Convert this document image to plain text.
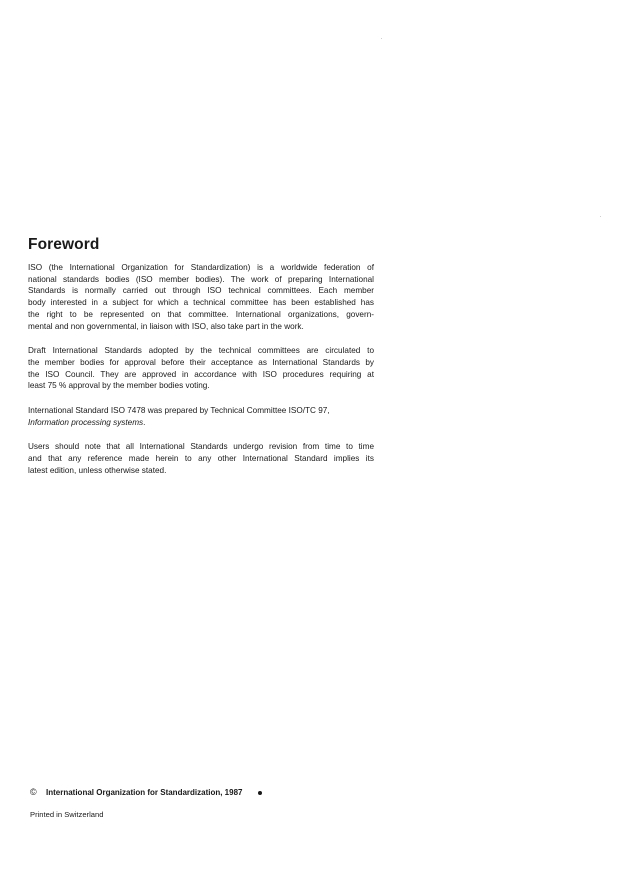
Foreword

ISO (the International Organization for Standardization) is a worldwide federation of
national standards bodies (ISO member bodies). The work of preparing International
Standards is normally carried out through ISO technical committees. Each member
body interested in a subject for which a technical committee has been established has
the right to be represented on that committee. International organizations, govern-
mental and non governmental, in liaison with ISO, also take part in the work.

Draft International Standards adopted by the technical committees are circulated to
the member bodies for approval before their acceptance as International Standards by
the ISO Council. They are approved in accordance with ISO procedures requiring at
least 75 % approval by the member bodies voting.

International Standard ISO 7478 was prepared by Technical Committee ISO/TC 97,
Information processing systems.

Users should note that all International Standards undergo revision from time to time
and that any reference made herein to any other International Standard implies its
latest edition, unless otherwise stated.

©	International Organization for Standardization, 1987
Printed in Switzerland
